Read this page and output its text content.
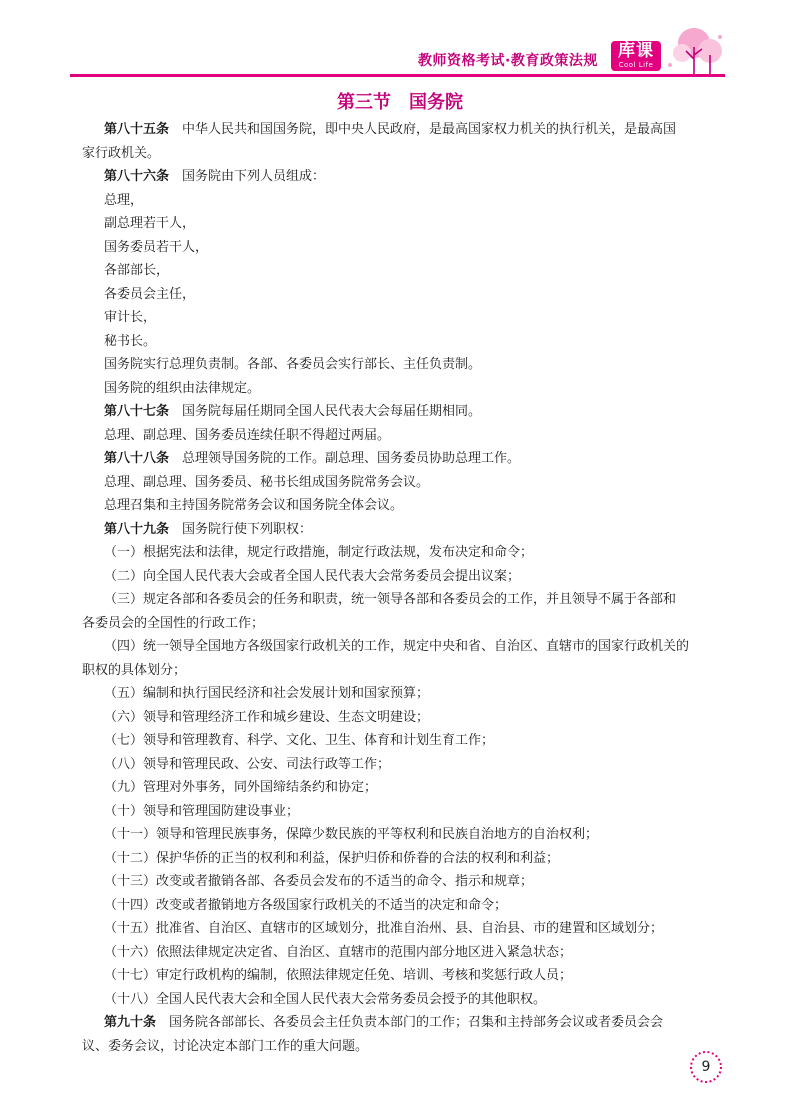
教师资格考试·教育政策法规	库课
Cool Life
第三节　国务院

第八十五条 中华人民共和国国务院，即中央人民政府，是最高国家权力机关的执行机关，是最高国

家行政机关。

第八十六条 国务院由下列人员组成：

总理，

副总理若干人，

国务委员若干人，

各部部长，

各委员会主任，

审计长，

秘书长。

国务院实行总理负责制。各部、各委员会实行部长、主任负责制。

国务院的组织由法律规定。

第八十七条 国务院每届任期同全国人民代表大会每届任期相同。

总理、副总理、国务委员连续任职不得超过两届。

第八十八条 总理领导国务院的工作。副总理、国务委员协助总理工作。

总理、副总理、国务委员、秘书长组成国务院常务会议。

总理召集和主持国务院常务会议和国务院全体会议。

第八十九条 国务院行使下列职权：

（一）根据宪法和法律，规定行政措施，制定行政法规，发布决定和命令；

（二）向全国人民代表大会或者全国人民代表大会常务委员会提出议案；

（三）规定各部和各委员会的任务和职责，统一领导各部和各委员会的工作，并且领导不属于各部和

各委员会的全国性的行政工作；

（四）统一领导全国地方各级国家行政机关的工作，规定中央和省、自治区、直辖市的国家行政机关的

职权的具体划分；

（五）编制和执行国民经济和社会发展计划和国家预算；

（六）领导和管理经济工作和城乡建设、生态文明建设；

（七）领导和管理教育、科学、文化、卫生、体育和计划生育工作；

（八）领导和管理民政、公安、司法行政等工作；

（九）管理对外事务，同外国缔结条约和协定；

（十）领导和管理国防建设事业；

（十一）领导和管理民族事务，保障少数民族的平等权利和民族自治地方的自治权利；

（十二）保护华侨的正当的权利和利益，保护归侨和侨眷的合法的权利和利益；

（十三）改变或者撤销各部、各委员会发布的不适当的命令、指示和规章；

（十四）改变或者撤销地方各级国家行政机关的不适当的决定和命令；

（十五）批准省、自治区、直辖市的区域划分，批准自治州、县、自治县、市的建置和区域划分；

（十六）依照法律规定决定省、自治区、直辖市的范围内部分地区进入紧急状态；

（十七）审定行政机构的编制，依照法律规定任免、培训、考核和奖惩行政人员；

（十八）全国人民代表大会和全国人民代表大会常务委员会授予的其他职权。

第九十条 国务院各部部长、各委员会主任负责本部门的工作；召集和主持部务会议或者委员会会

议、委务会议，讨论决定本部门工作的重大问题。

9
